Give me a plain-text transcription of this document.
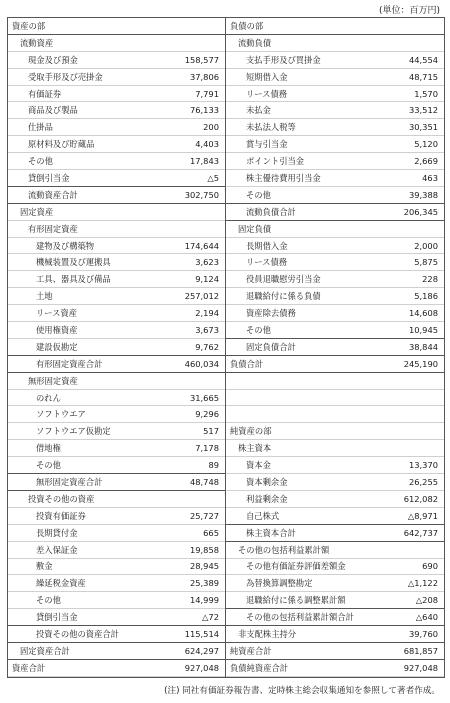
(単位：百万円)
資産の部
流動資産
現金及び預金	158,577
受取手形及び売掛金	37,806
有価証券	7,791
商品及び製品	76,133
仕掛品	200
原材料及び貯蔵品	4,403
その他	17,843
貸倒引当金	△5
流動資産合計	302,750
固定資産
有形固定資産
建物及び構築物	174,644
機械装置及び運搬具	3,623
工具、器具及び備品	9,124
土地	257,012
リース資産	2,194
使用権資産	3,673
建設仮勘定	9,762
有形固定資産合計	460,034
無形固定資産
のれん	31,665
ソフトウエア	9,296
ソフトウエア仮勘定	517
借地権	7,178
その他	89
無形固定資産合計	48,748
投資その他の資産
投資有価証券	25,727
長期貸付金	665
差入保証金	19,858
敷金	28,945
繰延税金資産	25,389
その他	14,999
貸倒引当金	△72
投資その他の資産合計	115,514
固定資産合計	624,297
資産合計	927,048
負債の部
流動負債
支払手形及び買掛金	44,554
短期借入金	48,715
リース債務	1,570
未払金	33,512
未払法人税等	30,351
賞与引当金	5,120
ポイント引当金	2,669
株主優待費用引当金	463
その他	39,388
流動負債合計	206,345
固定負債
長期借入金	2,000
リース債務	5,875
役員退職慰労引当金	228
退職給付に係る負債	5,186
資産除去債務	14,608
その他	10,945
固定負債合計	38,844
負債合計	245,190
純資産の部
株主資本
資本金	13,370
資本剰余金	26,255
利益剰余金	612,082
自己株式	△8,971
株主資本合計	642,737
その他の包括利益累計額
その他有価証券評価差額金	690
為替換算調整勘定	△1,122
退職給付に係る調整累計額	△208
その他の包括利益累計額合計	△640
非支配株主持分	39,760
純資産合計	681,857
負債純資産合計	927,048
(注) 同社有価証券報告書、定時株主総会収集通知を参照して著者作成。
